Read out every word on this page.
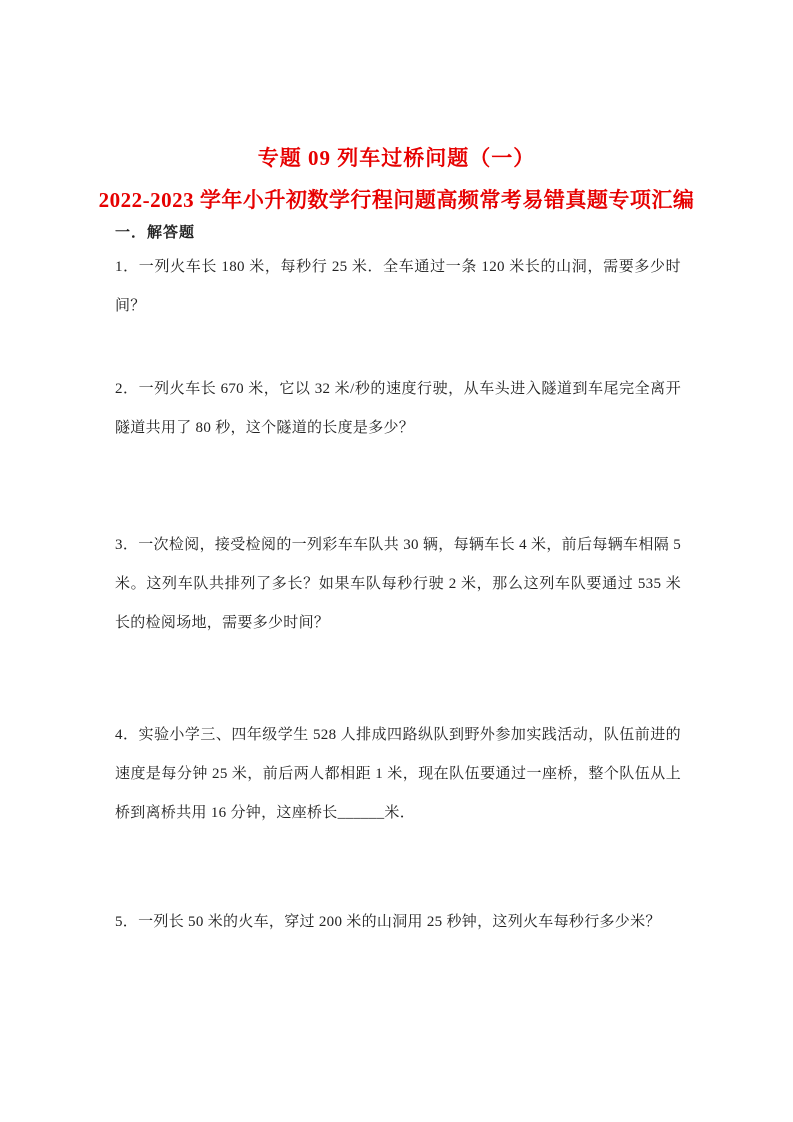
专题 09 列车过桥问题（一）
2022-2023 学年小升初数学行程问题高频常考易错真题专项汇编
一．解答题

1．一列火车长 180 米，每秒行 25 米．全车通过一条 120 米长的山洞，需要多少时间？

2．一列火车长 670 米，它以 32 米/秒的速度行驶，从车头进入隧道到车尾完全离开隧道共用了 80 秒，这个隧道的长度是多少？

3．一次检阅，接受检阅的一列彩车车队共 30 辆，每辆车长 4 米，前后每辆车相隔 5 米。这列车队共排列了多长？如果车队每秒行驶 2 米，那么这列车队要通过 535 米长的检阅场地，需要多少时间？

4．实验小学三、四年级学生 528 人排成四路纵队到野外参加实践活动，队伍前进的速度是每分钟 25 米，前后两人都相距 1 米，现在队伍要通过一座桥，整个队伍从上桥到离桥共用 16 分钟，这座桥长______米．

5．一列长 50 米的火车，穿过 200 米的山洞用 25 秒钟，这列火车每秒行多少米？
